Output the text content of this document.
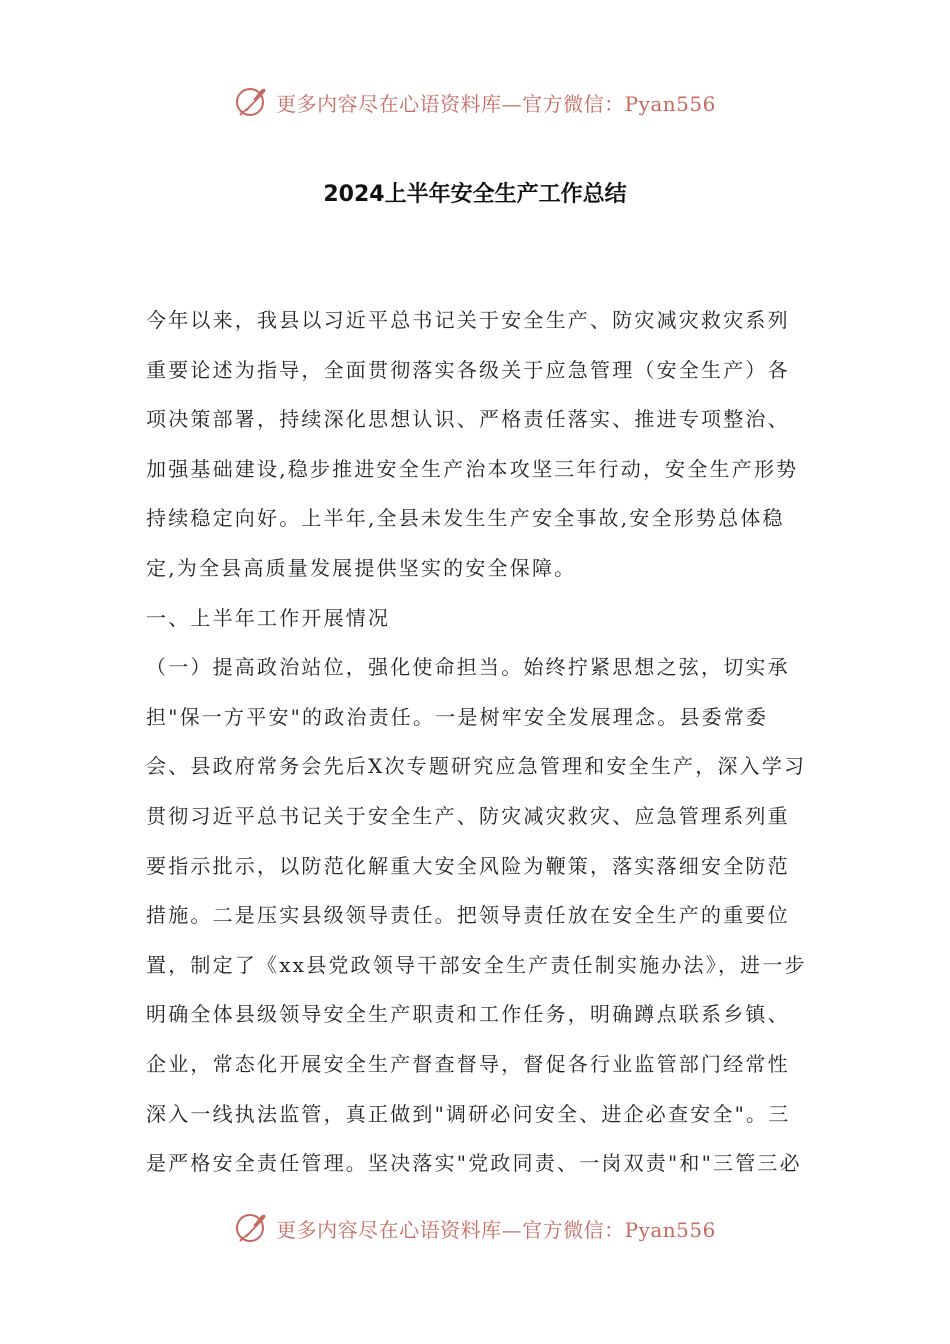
更多内容尽在心语资料库—官方微信：Pyan556
2024上半年安全生产工作总结

今年以来，我县以习近平总书记关于安全生产、防灾减灾救灾系列重要论述为指导，全面贯彻落实各级关于应急管理（安全生产）各项决策部署，持续深化思想认识、严格责任落实、推进专项整治、加强基础建设,稳步推进安全生产治本攻坚三年行动，安全生产形势持续稳定向好。上半年,全县未发生生产安全事故,安全形势总体稳定,为全县高质量发展提供坚实的安全保障。

一、上半年工作开展情况

（一）提高政治站位，强化使命担当。始终拧紧思想之弦，切实承担"保一方平安"的政治责任。一是树牢安全发展理念。县委常委会、县政府常务会先后X次专题研究应急管理和安全生产，深入学习贯彻习近平总书记关于安全生产、防灾减灾救灾、应急管理系列重要指示批示，以防范化解重大安全风险为鞭策，落实落细安全防范措施。二是压实县级领导责任。把领导责任放在安全生产的重要位置，制定了《xx县党政领导干部安全生产责任制实施办法》，进一步明确全体县级领导安全生产职责和工作任务，明确蹲点联系乡镇、企业，常态化开展安全生产督查督导，督促各行业监管部门经常性深入一线执法监管，真正做到"调研必问安全、进企必查安全"。三是严格安全责任管理。坚决落实"党政同责、一岗双责"和"三管三必

更多内容尽在心语资料库—官方微信：Pyan556
